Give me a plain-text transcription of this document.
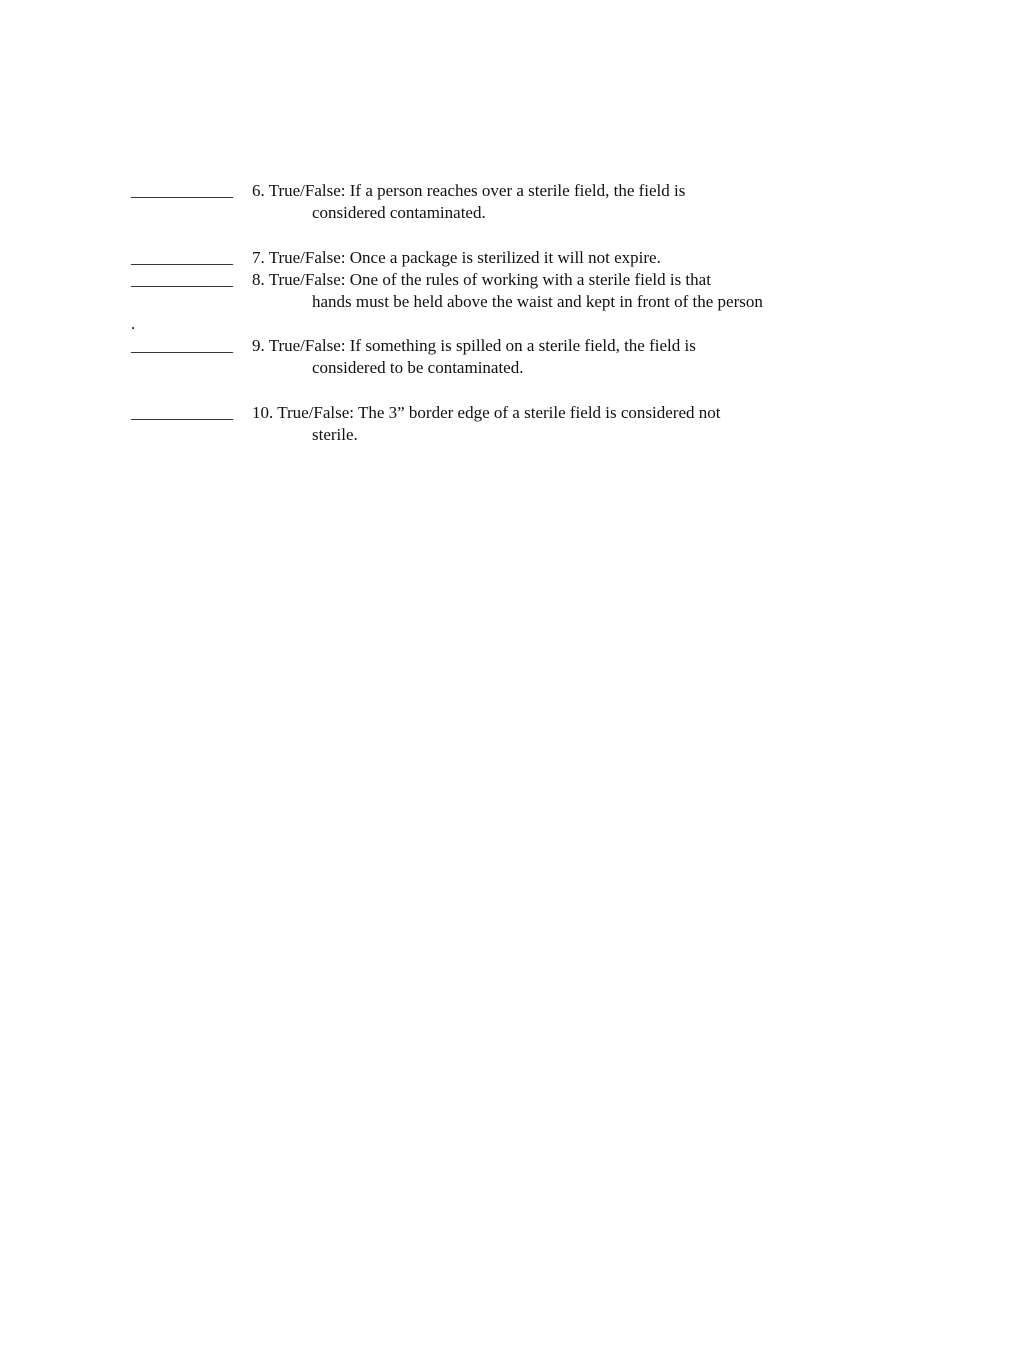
____________ 6. True/False: If a person reaches over a sterile field, the field is
considered contaminated.
____________ 7. True/False: Once a package is sterilized it will not expire.
____________ 8. True/False: One of the rules of working with a sterile field is that
hands must be held above the waist and kept in front of the person
.
____________ 9. True/False: If something is spilled on a sterile field, the field is
considered to be contaminated.
____________ 10. True/False: The 3” border edge of a sterile field is considered not
sterile.
